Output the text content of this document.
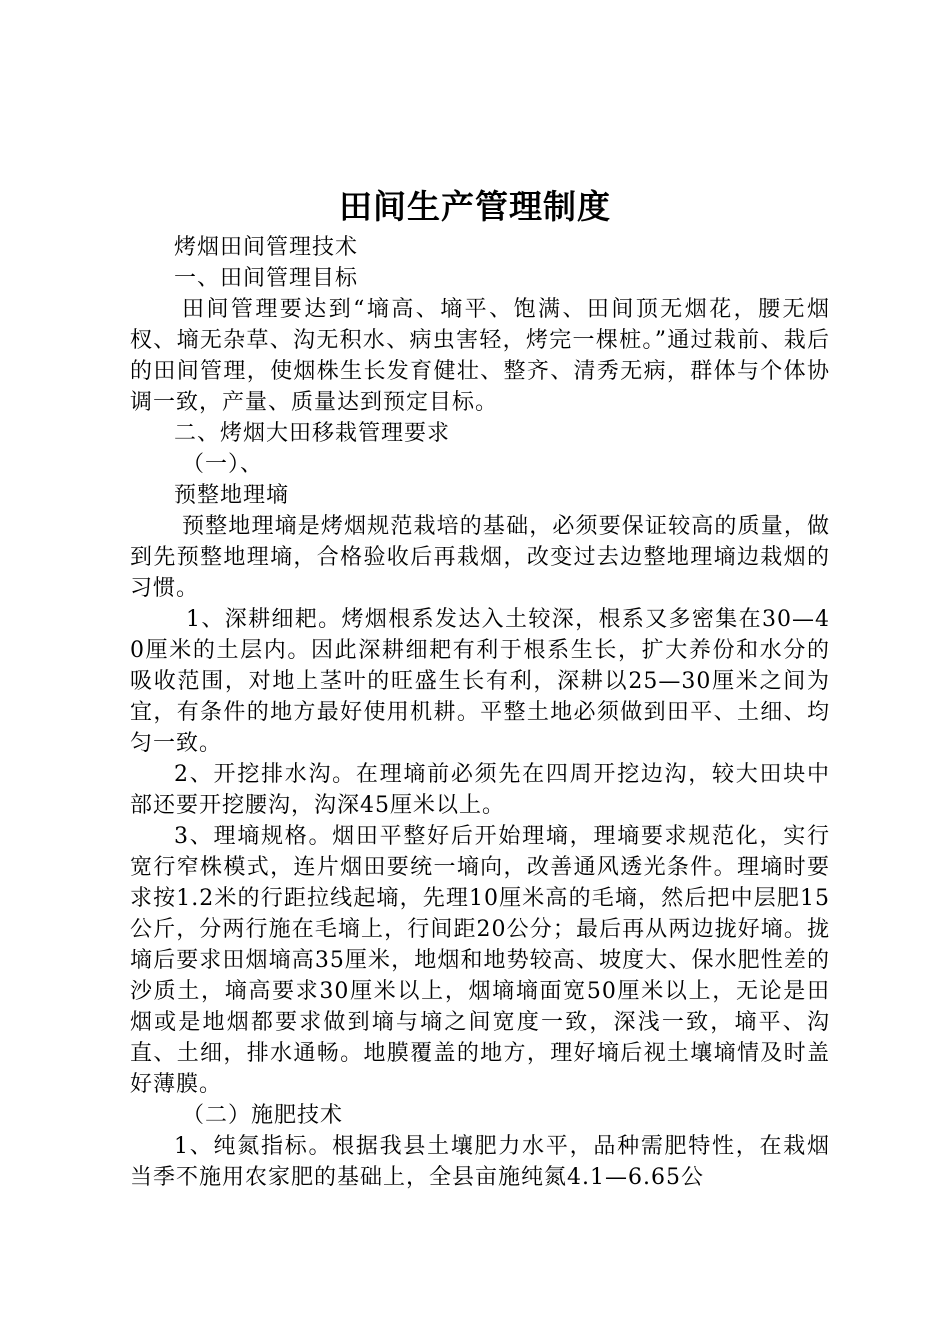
田间生产管理制度

烤烟田间管理技术

一、田间管理目标

田间管理要达到“墒高、墒平、饱满、田间顶无烟花，腰无烟杈、墒无杂草、沟无积水、病虫害轻，烤完一棵桩。”通过栽前、栽后的田间管理，使烟株生长发育健壮、整齐、清秀无病，群体与个体协调一致，产量、质量达到预定目标。

二、烤烟大田移栽管理要求

（一）、

预整地理墒

预整地理墒是烤烟规范栽培的基础，必须要保证较高的质量，做到先预整地理墒，合格验收后再栽烟，改变过去边整地理墒边栽烟的习惯。

1、深耕细耙。烤烟根系发达入土较深，根系又多密集在30—40厘米的土层内。因此深耕细耙有利于根系生长，扩大养份和水分的吸收范围，对地上茎叶的旺盛生长有利，深耕以25—30厘米之间为宜，有条件的地方最好使用机耕。平整土地必须做到田平、土细、均匀一致。

2、开挖排水沟。在理墒前必须先在四周开挖边沟，较大田块中部还要开挖腰沟，沟深45厘米以上。

3、理墒规格。烟田平整好后开始理墒，理墒要求规范化，实行宽行窄株模式，连片烟田要统一墒向，改善通风透光条件。理墒时要求按1.2米的行距拉线起墒，先理10厘米高的毛墒，然后把中层肥15公斤，分两行施在毛墒上，行间距20公分；最后再从两边拢好墒。拢墒后要求田烟墒高35厘米，地烟和地势较高、坡度大、保水肥性差的沙质土，墒高要求30厘米以上，烟墒墒面宽50厘米以上，无论是田烟或是地烟都要求做到墒与墒之间宽度一致，深浅一致，墒平、沟直、土细，排水通畅。地膜覆盖的地方，理好墒后视土壤墒情及时盖好薄膜。

（二）施肥技术

1、纯氮指标。根据我县土壤肥力水平，品种需肥特性，在栽烟当季不施用农家肥的基础上，全县亩施纯氮4.1—6.65公
